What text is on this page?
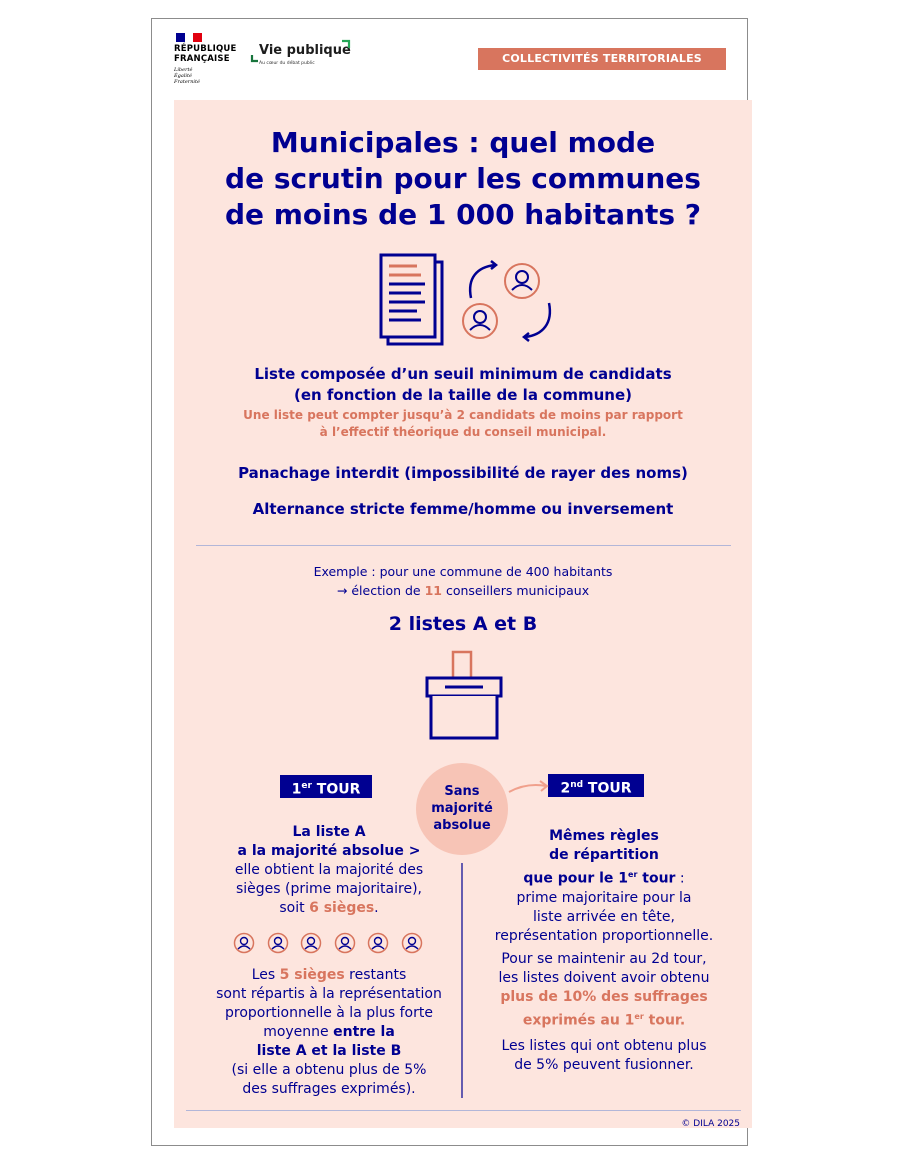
RÉPUBLIQUE
FRANÇAISE
Liberté
Égalité
Fraternité
Vie publique
Au cœur du débat public	COLLECTIVITÉS TERRITORIALES
Municipales : quel mode
de scrutin pour les communes
de moins de 1 000 habitants ?
Liste composée d’un seuil minimum de candidats
(en fonction de la taille de la commune)
Une liste peut compter jusqu’à 2 candidats de moins par rapport
à l’effectif théorique du conseil municipal.
Panachage interdit (impossibilité de rayer des noms)
Alternance stricte femme/homme ou inversement
Exemple : pour une commune de 400 habitants
→ élection de 11 conseillers municipaux
2 listes A et B
1er TOUR	2nd TOUR
Sans
majorité
absolue
La liste A
a la majorité absolue >
elle obtient la majorité des
sièges (prime majoritaire),
soit 6 sièges.
Les 5 sièges restants
sont répartis à la représentation
proportionnelle à la plus forte
moyenne entre la
liste A et la liste B
(si elle a obtenu plus de 5%
des suffrages exprimés).
Mêmes règles
de répartition
que pour le 1er tour :
prime majoritaire pour la
liste arrivée en tête,
représentation proportionnelle.
Pour se maintenir au 2d tour,
les listes doivent avoir obtenu
plus de 10% des suffrages
exprimés au 1er tour.
Les listes qui ont obtenu plus
de 5% peuvent fusionner.
© DILA 2025
